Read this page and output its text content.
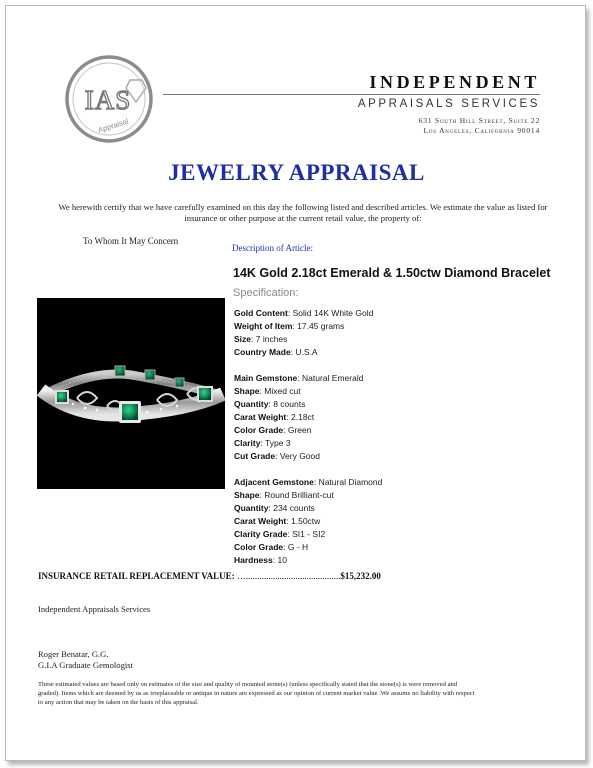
IAS
Appraisal
INDEPENDENT
APPRAISALS SERVICES
631 South Hill Street, Suite 22
Los Angeles, California 90014
JEWELRY APPRAISAL
We herewith certify that we have carefully examined on this day the following listed and described articles. We estimate the value as listed for insurance or other purpose at the current retail value, the property of:
To Whom It May Concern
Description of Article:
14K Gold 2.18ct Emerald & 1.50ctw Diamond Bracelet
Specification:
Gold Content: Solid 14K White Gold
Weight of Item: 17.45 grams
Size: 7 inches
Country Made: U.S.A
Main Gemstone: Natural Emerald
Shape: Mixed cut
Quantity: 8 counts
Carat Weight: 2.18ct
Color Grade: Green
Clarity: Type 3
Cut Grade: Very Good
Adjacent Gemstone: Natural Diamond
Shape: Round Brilliant-cut
Quantity: 234 counts
Carat Weight: 1.50ctw
Clarity Grade: SI1 - SI2
Color Grade: G - H
Hardness: 10
INSURANCE RETAIL REPLACEMENT VALUE: …..........................................$15,232.00
Independent Appraisals Services
Roger Benatar, G.G.
G.I.A Graduate Gemologist
These estimated values are based only on estimates of the size and quality of mounted stone(s) (unless specifically stated that the stone(s) is were removed and graded). Items which are deemed by us as irreplaceable or antique in nature are expressed as our opinion of current market value .We assume no liability with respect to any action that may be taken on the basis of this appraisal.
